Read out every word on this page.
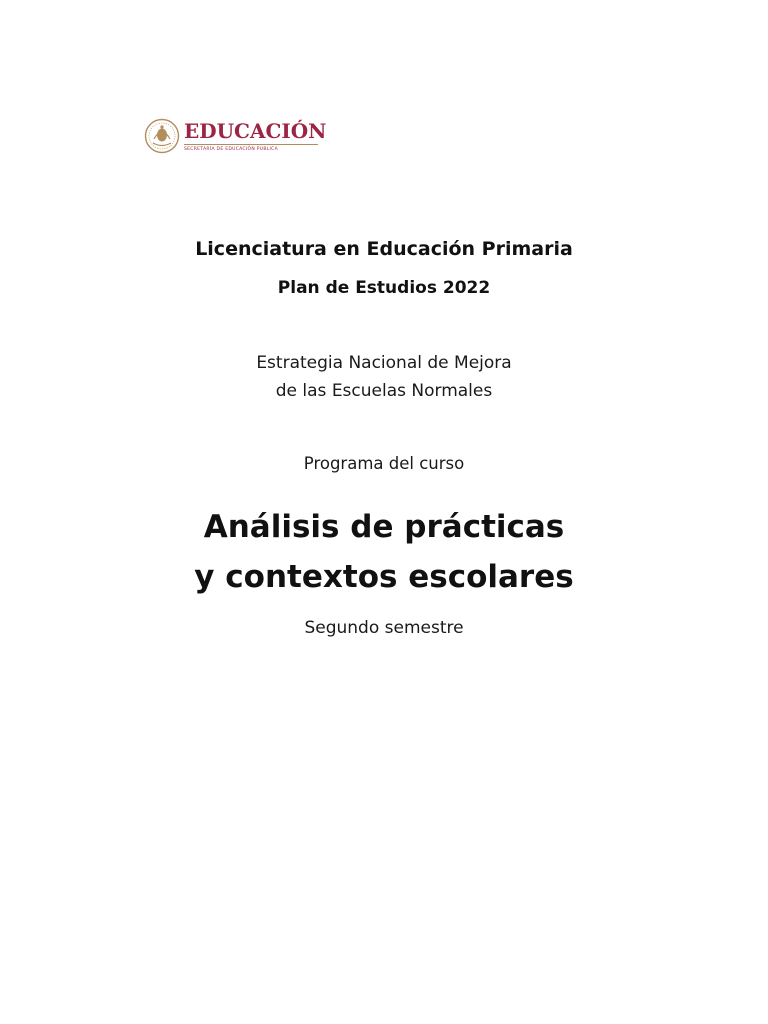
EDUCACIÓN
SECRETARÍA DE EDUCACIÓN PÚBLICA
Licenciatura en Educación Primaria
Plan de Estudios 2022
Estrategia Nacional de Mejora
de las Escuelas Normales
Programa del curso
Análisis de prácticas
y contextos escolares
Segundo semestre
